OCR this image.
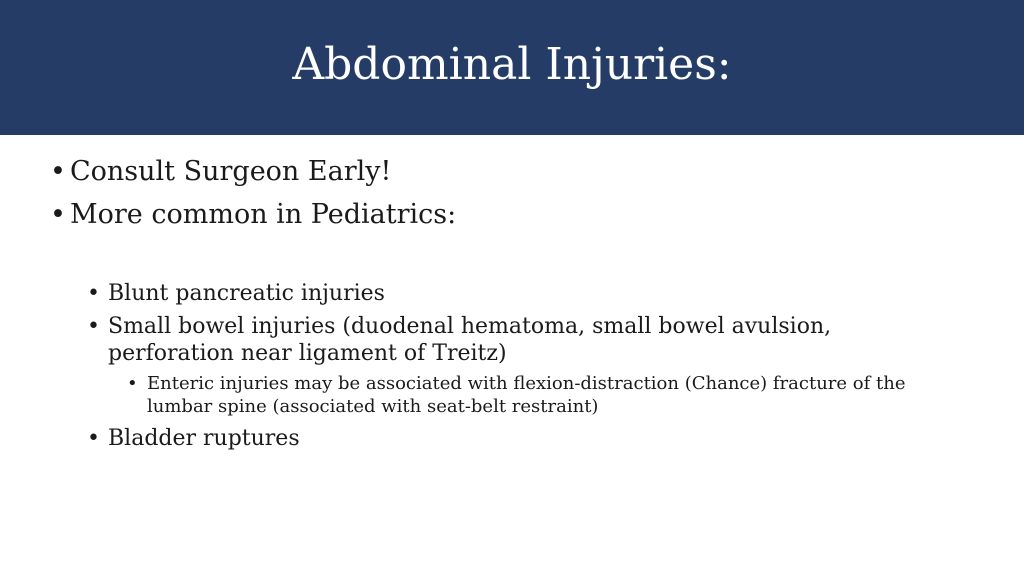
Abdominal Injuries:
• Consult Surgeon Early!
• More common in Pediatrics:
• Blunt pancreatic injuries
• Small bowel injuries (duodenal hematoma, small bowel avulsion, perforation near ligament of Treitz)
• Enteric injuries may be associated with flexion-distraction (Chance) fracture of the lumbar spine (associated with seat-belt restraint)
• Bladder ruptures
